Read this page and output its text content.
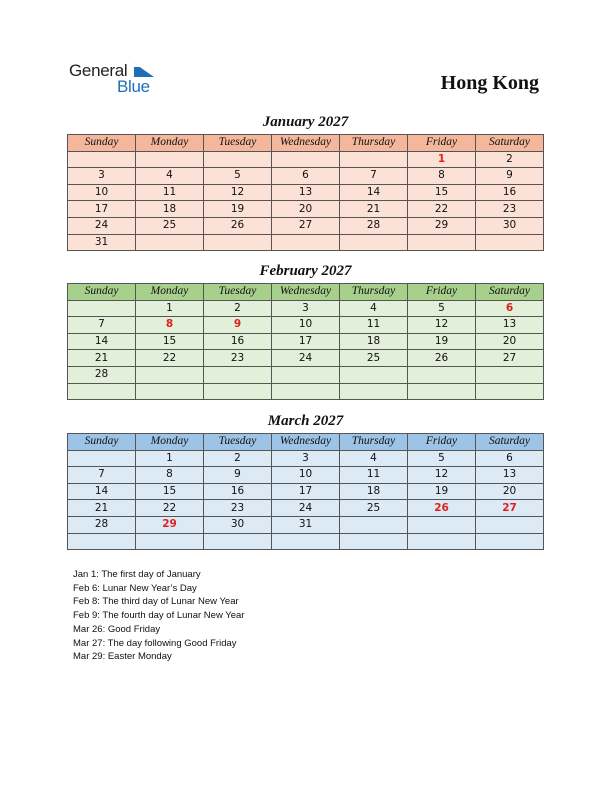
General
Blue	Hong Kong
January 2027
Sunday	Monday	Tuesday	Wednesday	Thursday	Friday	Saturday
					1	2
3	4	5	6	7	8	9
10	11	12	13	14	15	16
17	18	19	20	21	22	23
24	25	26	27	28	29	30
31						
February 2027
Sunday	Monday	Tuesday	Wednesday	Thursday	Friday	Saturday
	1	2	3	4	5	6
7	8	9	10	11	12	13
14	15	16	17	18	19	20
21	22	23	24	25	26	27
28						

March 2027
Sunday	Monday	Tuesday	Wednesday	Thursday	Friday	Saturday
	1	2	3	4	5	6
7	8	9	10	11	12	13
14	15	16	17	18	19	20
21	22	23	24	25	26	27
28	29	30	31			

Jan 1: The first day of January
Feb 6: Lunar New Year’s Day
Feb 8: The third day of Lunar New Year
Feb 9: The fourth day of Lunar New Year
Mar 26: Good Friday
Mar 27: The day following Good Friday
Mar 29: Easter Monday
